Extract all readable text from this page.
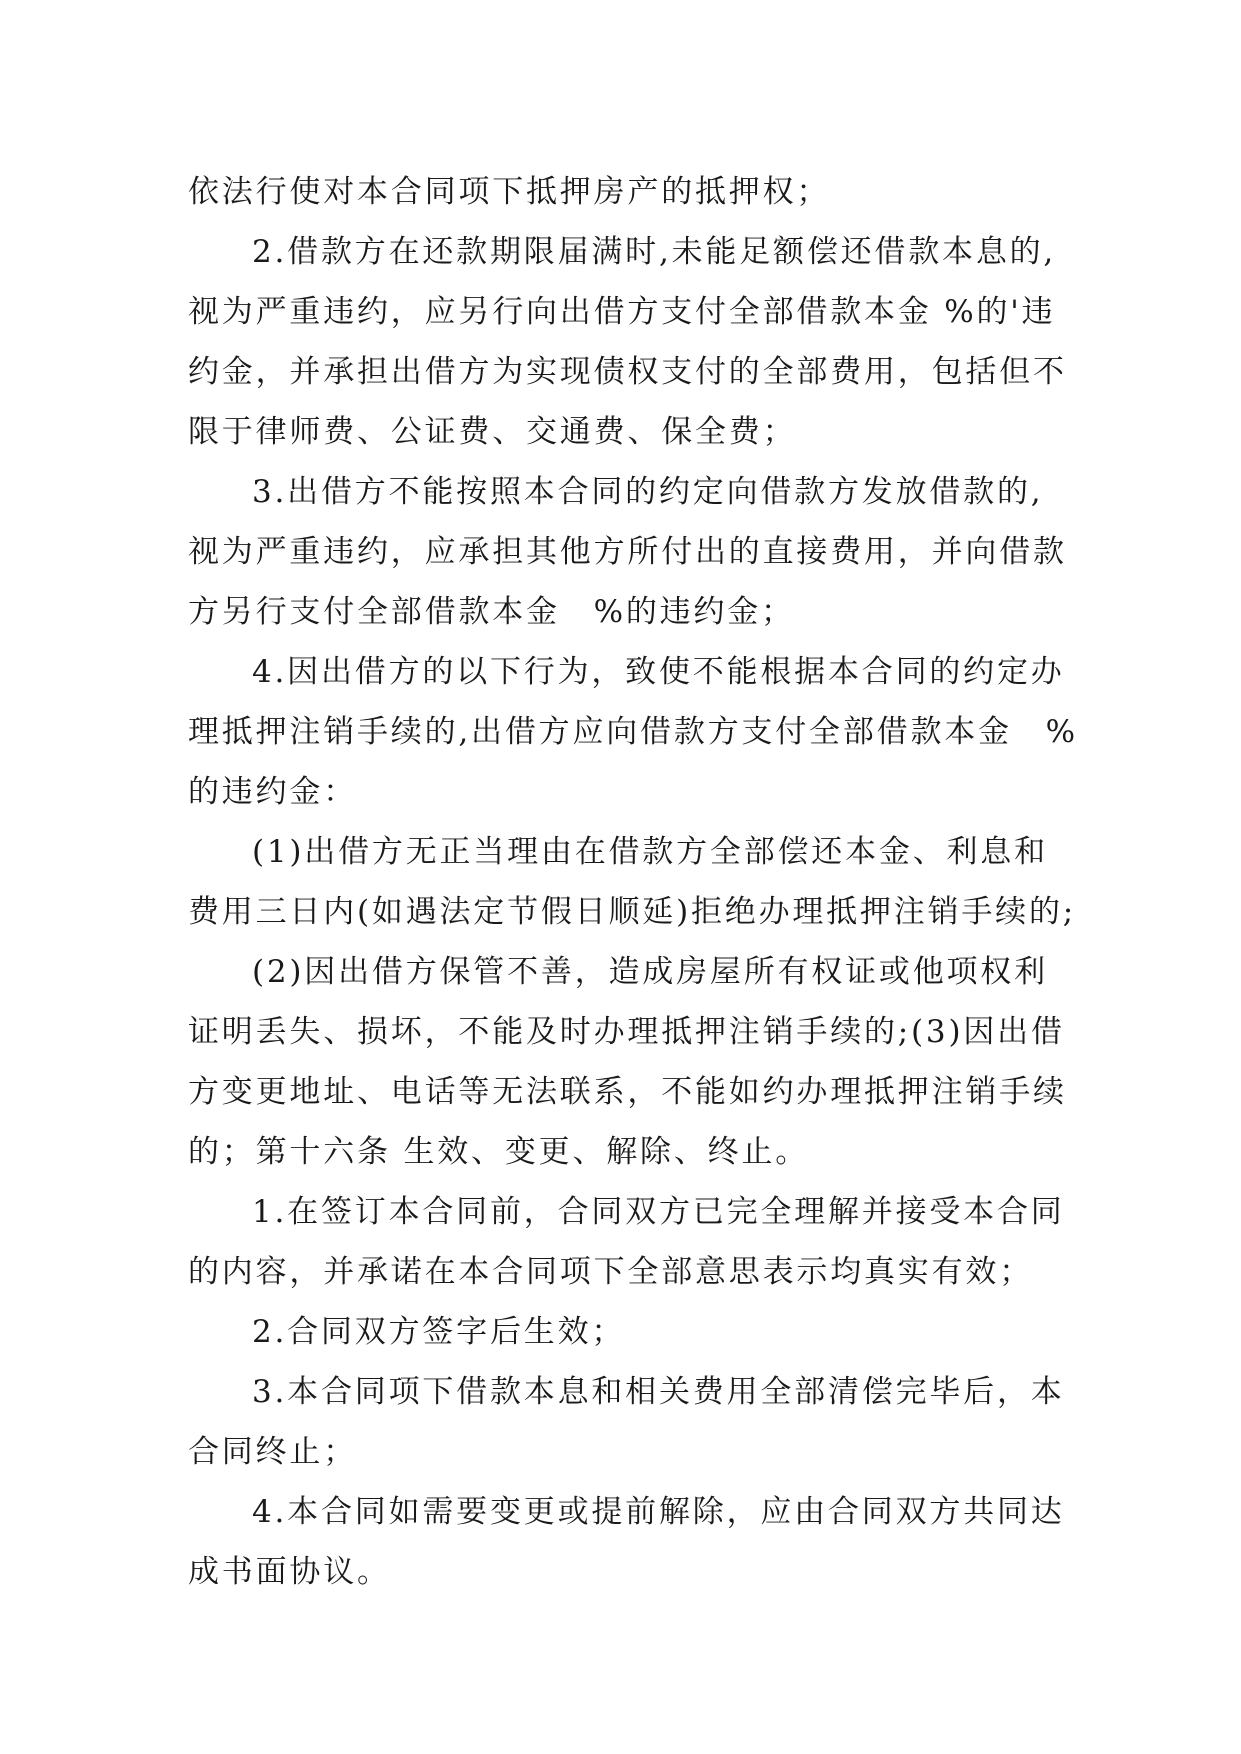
依法行使对本合同项下抵押房产的抵押权；
2.借款方在还款期限届满时,未能足额偿还借款本息的,
视为严重违约，应另行向出借方支付全部借款本金 %的'违
约金，并承担出借方为实现债权支付的全部费用，包括但不
限于律师费、公证费、交通费、保全费；
3.出借方不能按照本合同的约定向借款方发放借款的,
视为严重违约，应承担其他方所付出的直接费用，并向借款
方另行支付全部借款本金　%的违约金；
4.因出借方的以下行为，致使不能根据本合同的约定办
理抵押注销手续的,出借方应向借款方支付全部借款本金　%
的违约金：
(1)出借方无正当理由在借款方全部偿还本金、利息和
费用三日内(如遇法定节假日顺延)拒绝办理抵押注销手续的;
(2)因出借方保管不善，造成房屋所有权证或他项权利
证明丢失、损坏，不能及时办理抵押注销手续的;(3)因出借
方变更地址、电话等无法联系，不能如约办理抵押注销手续
的；第十六条 生效、变更、解除、终止。
1.在签订本合同前，合同双方已完全理解并接受本合同
的内容，并承诺在本合同项下全部意思表示均真实有效；
2.合同双方签字后生效；
3.本合同项下借款本息和相关费用全部清偿完毕后，本
合同终止；
4.本合同如需要变更或提前解除，应由合同双方共同达
成书面协议。
